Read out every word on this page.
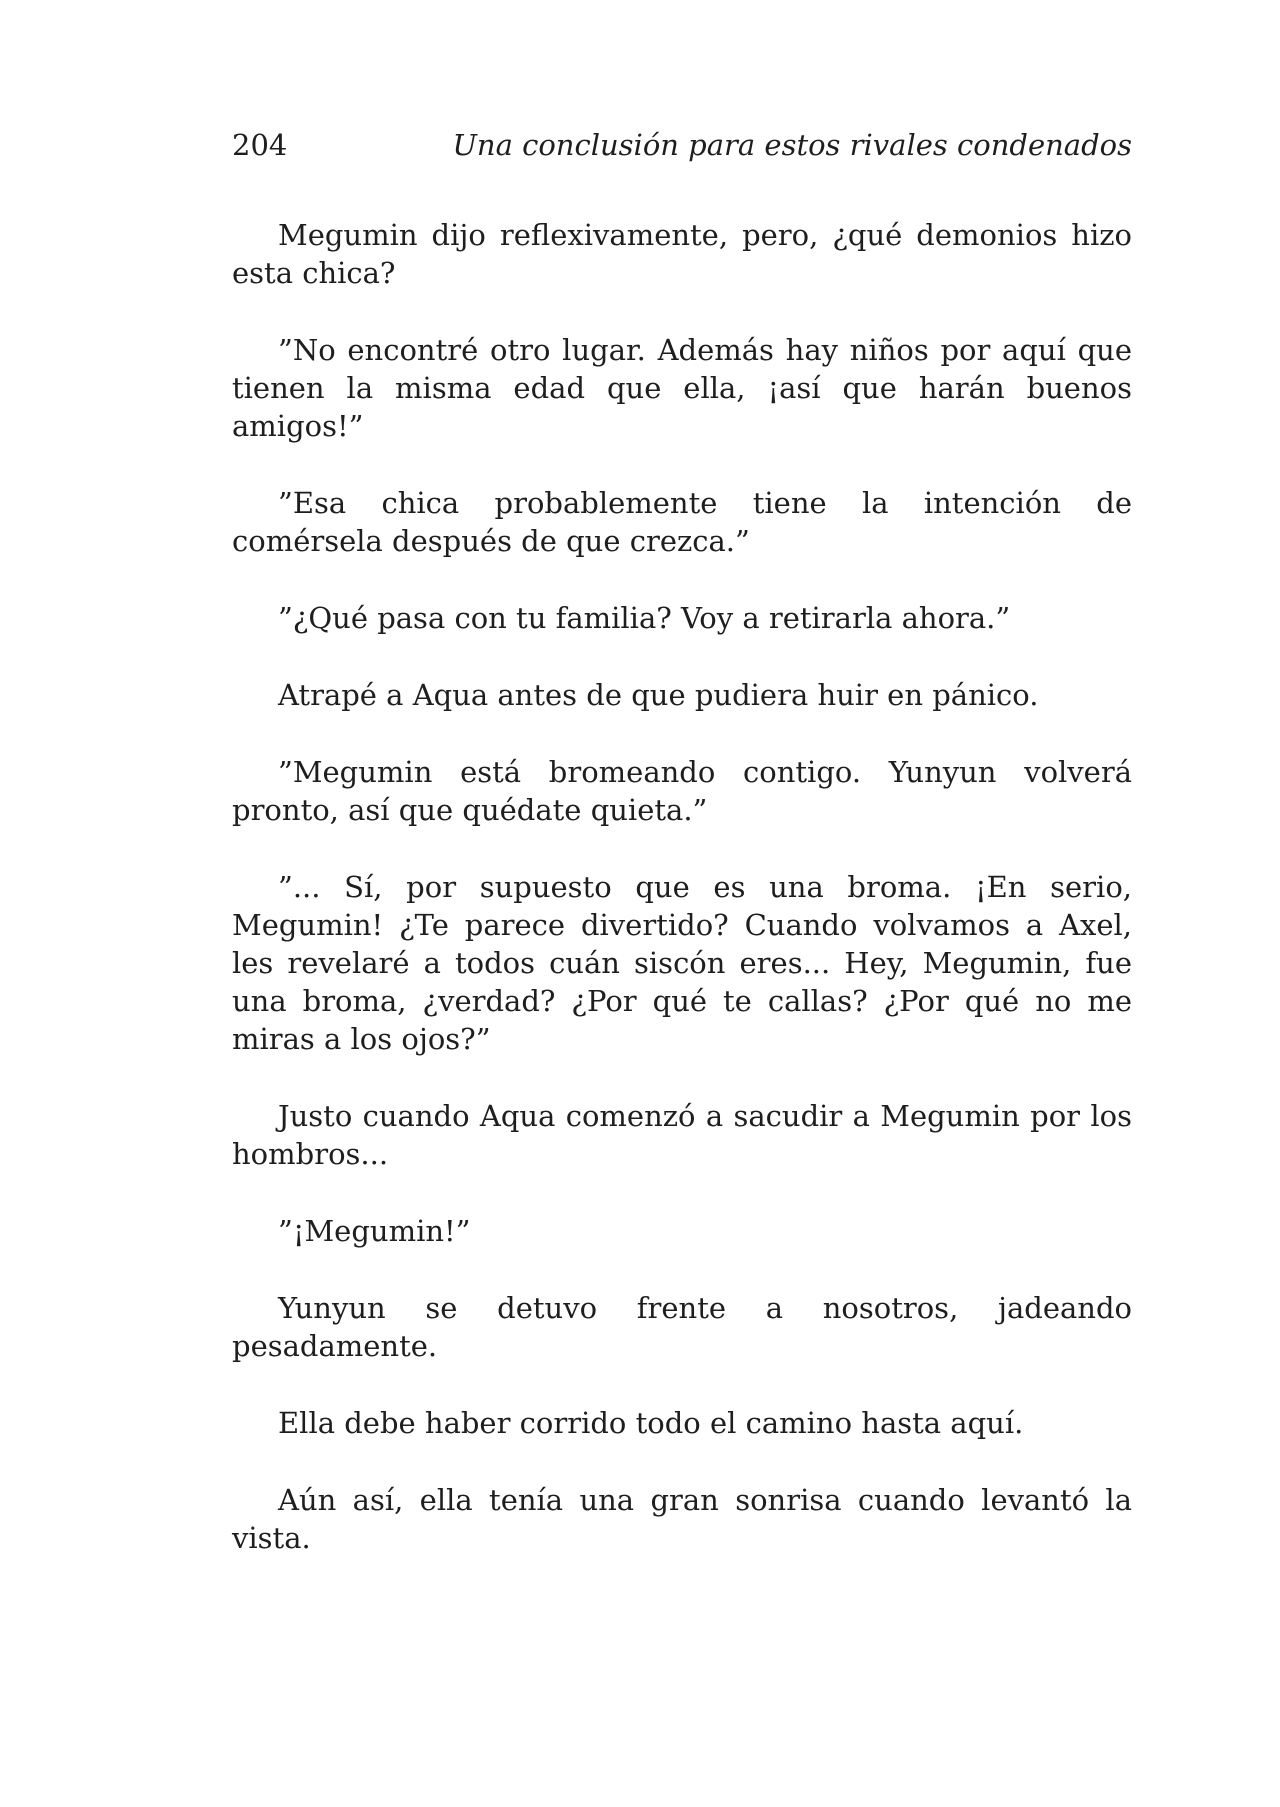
204	Una conclusión para estos rivales condenados

Megumin dijo reflexivamente, pero, ¿qué demonios hizo esta chica?

”No encontré otro lugar. Además hay niños por aquí que tienen la misma edad que ella, ¡así que harán buenos amigos!”

”Esa chica probablemente tiene la intención de comérsela después de que crezca.”

”¿Qué pasa con tu familia? Voy a retirarla ahora.”

Atrapé a Aqua antes de que pudiera huir en pánico.

”Megumin está bromeando contigo. Yunyun volverá pronto, así que quédate quieta.”

”... Sí, por supuesto que es una broma. ¡En serio, Megumin! ¿Te parece divertido? Cuando volvamos a Axel, les revelaré a todos cuán siscón eres... Hey, Megumin, fue una broma, ¿verdad? ¿Por qué te callas? ¿Por qué no me miras a los ojos?”

Justo cuando Aqua comenzó a sacudir a Megumin por los hombros...

”¡Megumin!”

Yunyun se detuvo frente a nosotros, jadeando pesadamente.

Ella debe haber corrido todo el camino hasta aquí.

Aún así, ella tenía una gran sonrisa cuando levantó la vista.
